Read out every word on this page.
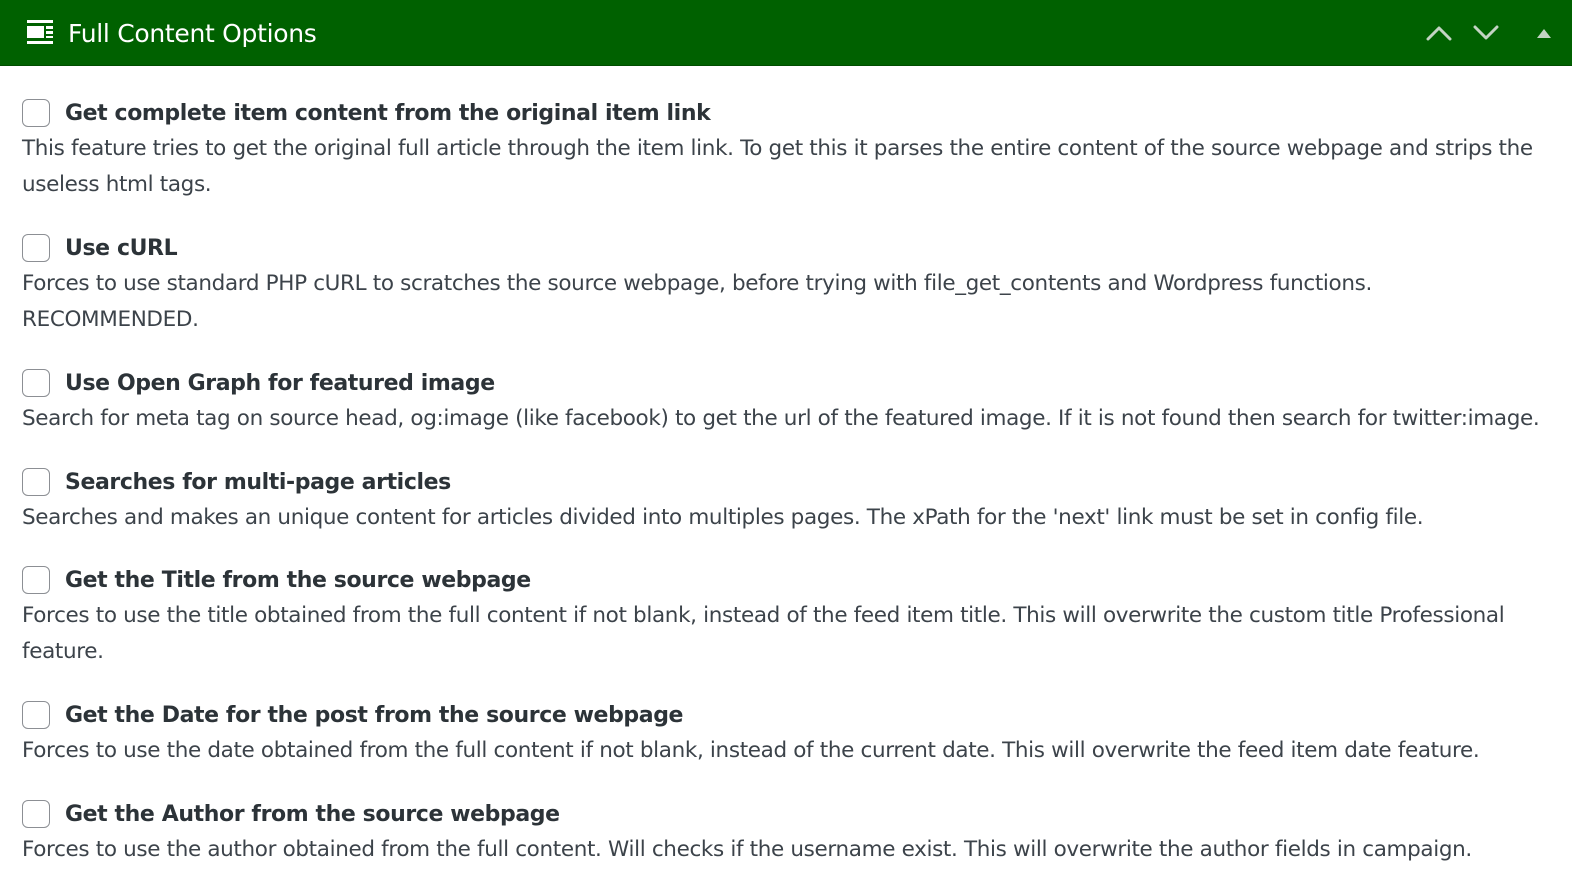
Full Content Options
Get complete item content from the original item link
This feature tries to get the original full article through the item link. To get this it parses the entire content of the source webpage and strips the useless html tags.
Use cURL
Forces to use standard PHP cURL to scratches the source webpage, before trying with file_get_contents and Wordpress functions. RECOMMENDED.
Use Open Graph for featured image
Search for meta tag on source head, og:image (like facebook) to get the url of the featured image. If it is not found then search for twitter:image.
Searches for multi-page articles
Searches and makes an unique content for articles divided into multiples pages. The xPath for the 'next' link must be set in config file.
Get the Title from the source webpage
Forces to use the title obtained from the full content if not blank, instead of the feed item title. This will overwrite the custom title Professional feature.
Get the Date for the post from the source webpage
Forces to use the date obtained from the full content if not blank, instead of the current date. This will overwrite the feed item date feature.
Get the Author from the source webpage
Forces to use the author obtained from the full content. Will checks if the username exist. This will overwrite the author fields in campaign.
